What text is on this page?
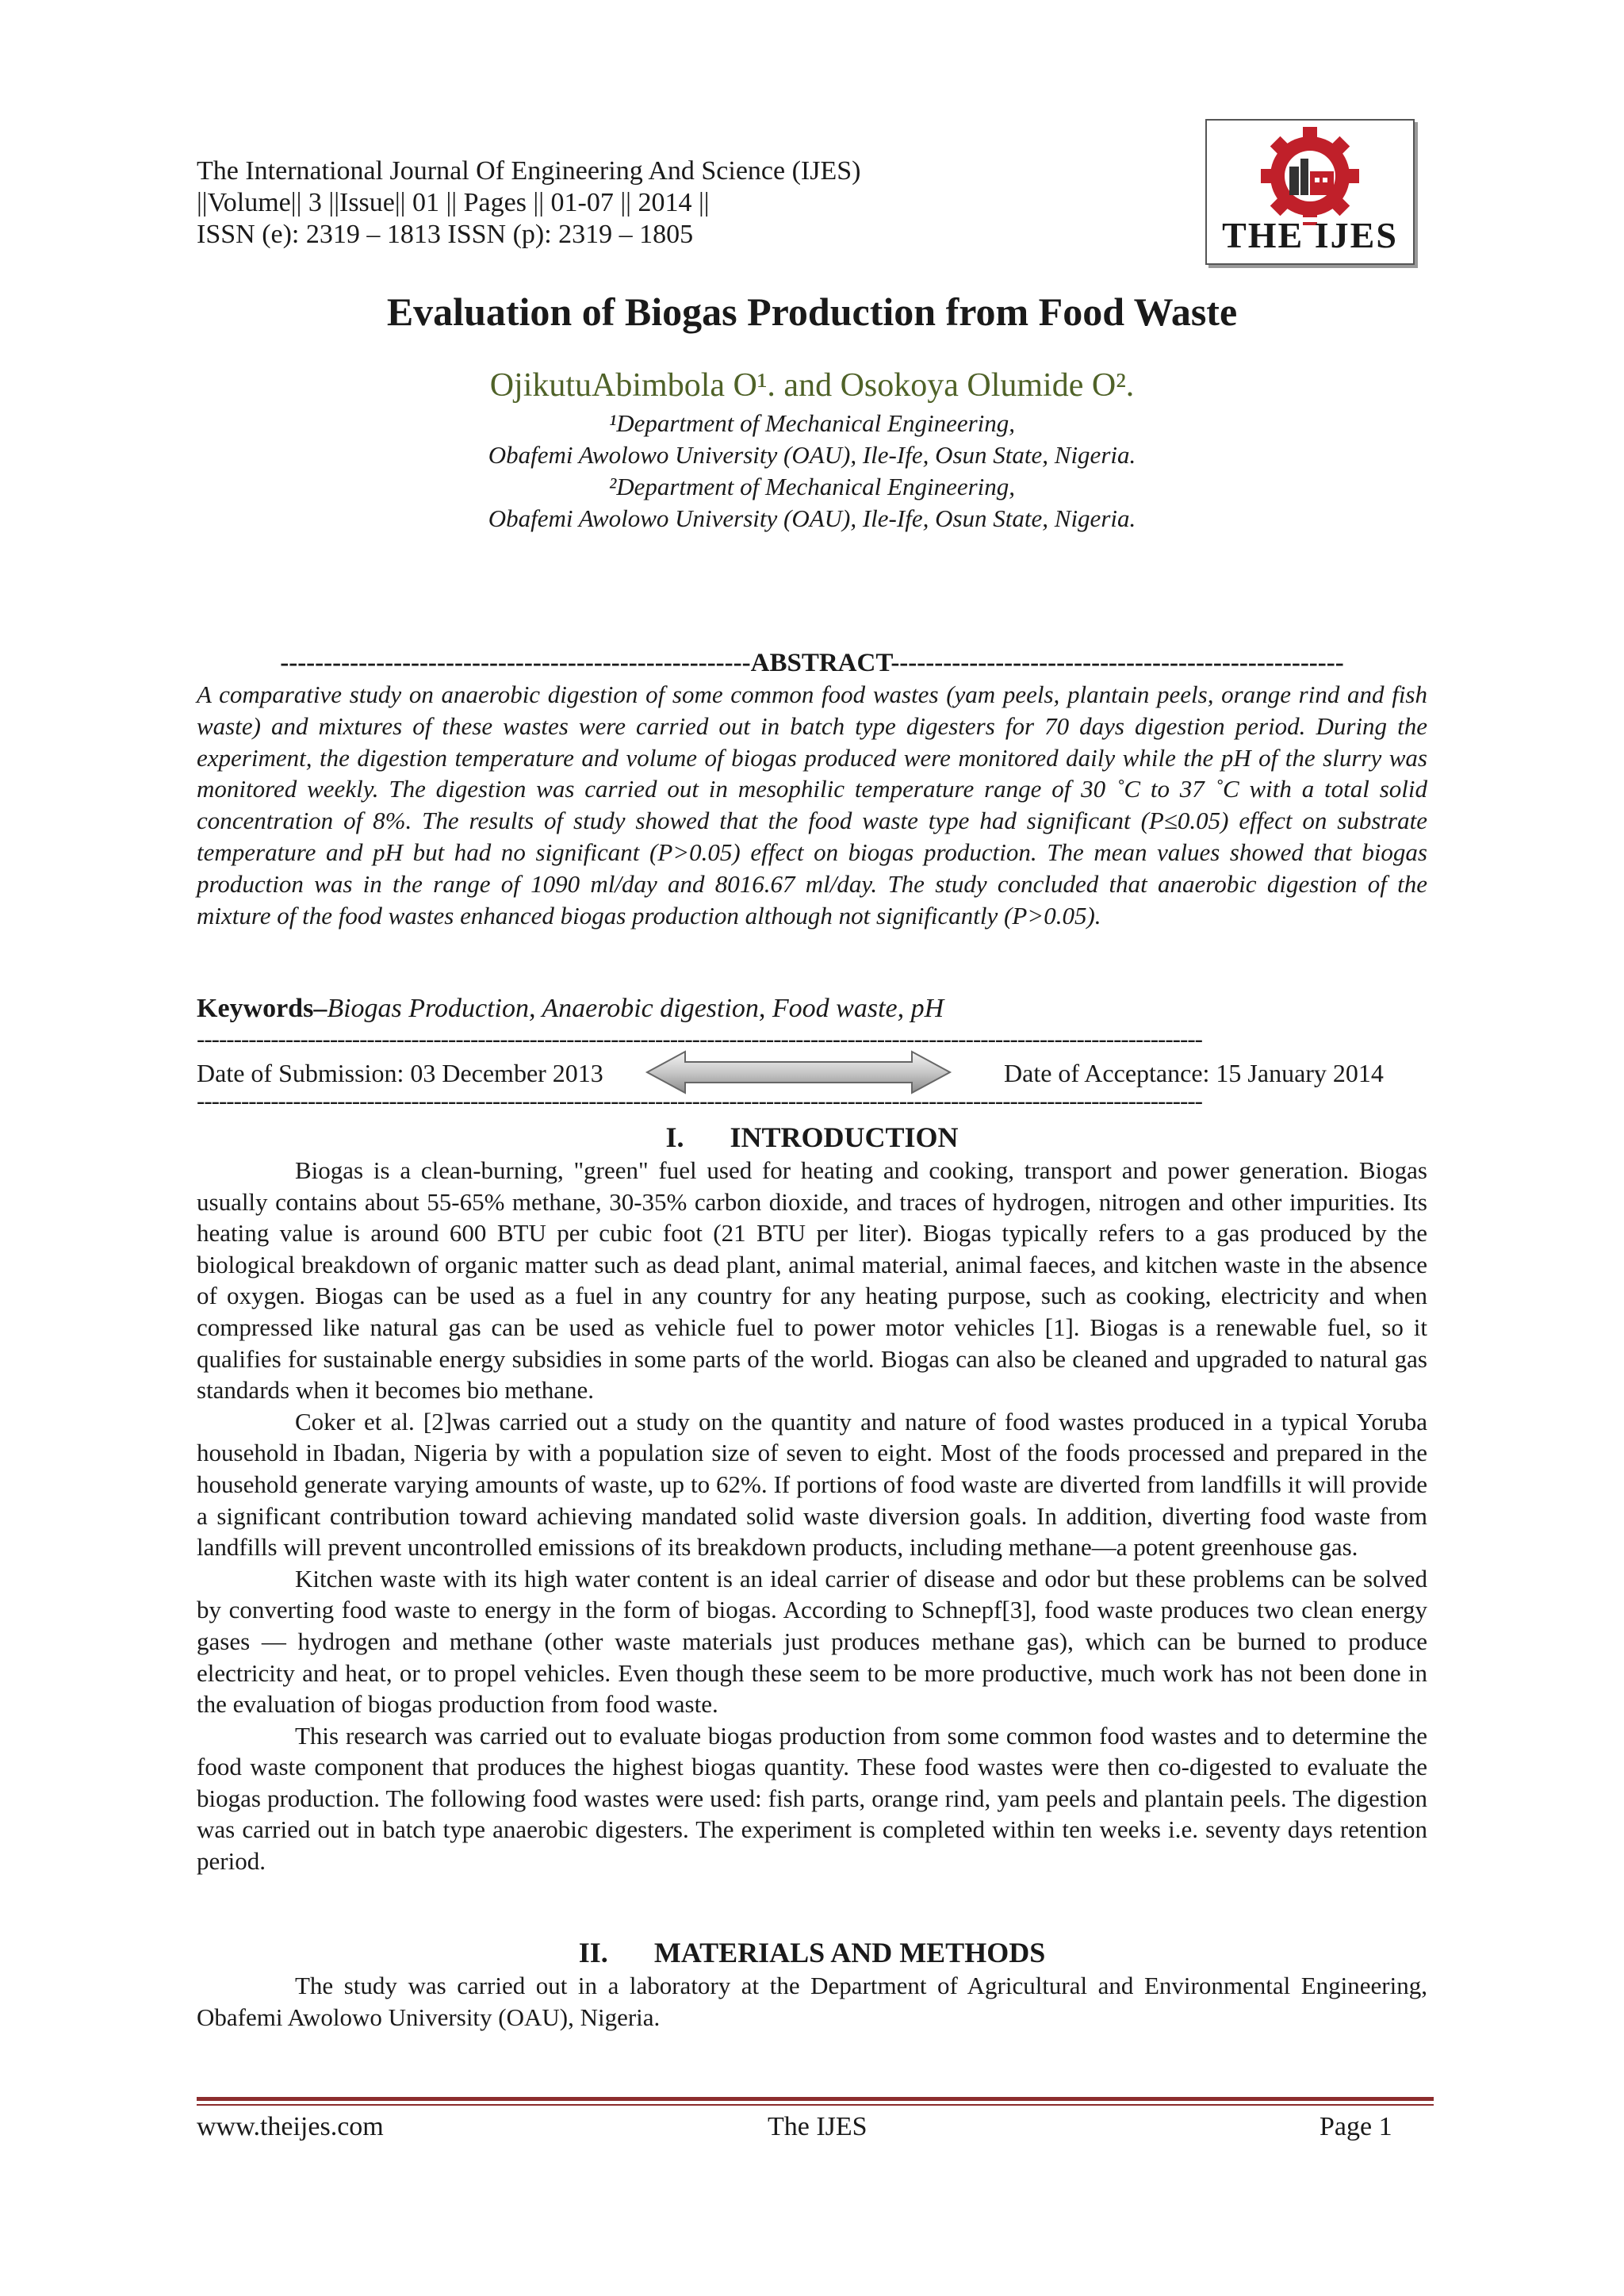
The International Journal Of Engineering And Science (IJES)
||Volume|| 3 ||Issue|| 01 || Pages || 01-07 || 2014 ||
ISSN (e): 2319 – 1813 ISSN (p): 2319 – 1805	THE IJES
Evaluation of Biogas Production from Food Waste
OjikutuAbimbola O¹. and Osokoya Olumide O².
¹Department of Mechanical Engineering,
Obafemi Awolowo University (OAU), Ile-Ife, Osun State, Nigeria.
²Department of Mechanical Engineering,
Obafemi Awolowo University (OAU), Ile-Ife, Osun State, Nigeria.
------------------------------------------------------ABSTRACT----------------------------------------------------
A comparative study on anaerobic digestion of some common food wastes (yam peels, plantain peels, orange rind and fish waste) and mixtures of these wastes were carried out in batch type digesters for 70 days digestion period. During the experiment, the digestion temperature and volume of biogas produced were monitored daily while the pH of the slurry was monitored weekly. The digestion was carried out in mesophilic temperature range of 30 ˚C to 37 ˚C with a total solid concentration of 8%. The results of study showed that the food waste type had significant (P≤0.05) effect on substrate temperature and pH but had no significant (P>0.05) effect on biogas production. The mean values showed that biogas production was in the range of 1090 ml/day and 8016.67 ml/day. The study concluded that anaerobic digestion of the mixture of the food wastes enhanced biogas production although not significantly (P>0.05).
Keywords–Biogas Production, Anaerobic digestion, Food waste, pH
----------------------------------------------------------------------------------------------------------------------------------------
Date of Submission: 03 December 2013	Date of Acceptance: 15 January 2014
----------------------------------------------------------------------------------------------------------------------------------------
I. INTRODUCTION

Biogas is a clean-burning, "green" fuel used for heating and cooking, transport and power generation. Biogas usually contains about 55-65% methane, 30-35% carbon dioxide, and traces of hydrogen, nitrogen and other impurities. Its heating value is around 600 BTU per cubic foot (21 BTU per liter). Biogas typically refers to a gas produced by the biological breakdown of organic matter such as dead plant, animal material, animal faeces, and kitchen waste in the absence of oxygen. Biogas can be used as a fuel in any country for any heating purpose, such as cooking, electricity and when compressed like natural gas can be used as vehicle fuel to power motor vehicles [1]. Biogas is a renewable fuel, so it qualifies for sustainable energy subsidies in some parts of the world. Biogas can also be cleaned and upgraded to natural gas standards when it becomes bio methane.

Coker et al. [2]was carried out a study on the quantity and nature of food wastes produced in a typical Yoruba household in Ibadan, Nigeria by with a population size of seven to eight. Most of the foods processed and prepared in the household generate varying amounts of waste, up to 62%. If portions of food waste are diverted from landfills it will provide a significant contribution toward achieving mandated solid waste diversion goals. In addition, diverting food waste from landfills will prevent uncontrolled emissions of its breakdown products, including methane—a potent greenhouse gas.

Kitchen waste with its high water content is an ideal carrier of disease and odor but these problems can be solved by converting food waste to energy in the form of biogas. According to Schnepf[3], food waste produces two clean energy gases — hydrogen and methane (other waste materials just produces methane gas), which can be burned to produce electricity and heat, or to propel vehicles. Even though these seem to be more productive, much work has not been done in the evaluation of biogas production from food waste.

This research was carried out to evaluate biogas production from some common food wastes and to determine the food waste component that produces the highest biogas quantity. These food wastes were then co-digested to evaluate the biogas production. The following food wastes were used: fish parts, orange rind, yam peels and plantain peels. The digestion was carried out in batch type anaerobic digesters. The experiment is completed within ten weeks i.e. seventy days retention period.

II. MATERIALS AND METHODS

The study was carried out in a laboratory at the Department of Agricultural and Environmental Engineering, Obafemi Awolowo University (OAU), Nigeria.

www.theijes.com	The IJES	Page 1
